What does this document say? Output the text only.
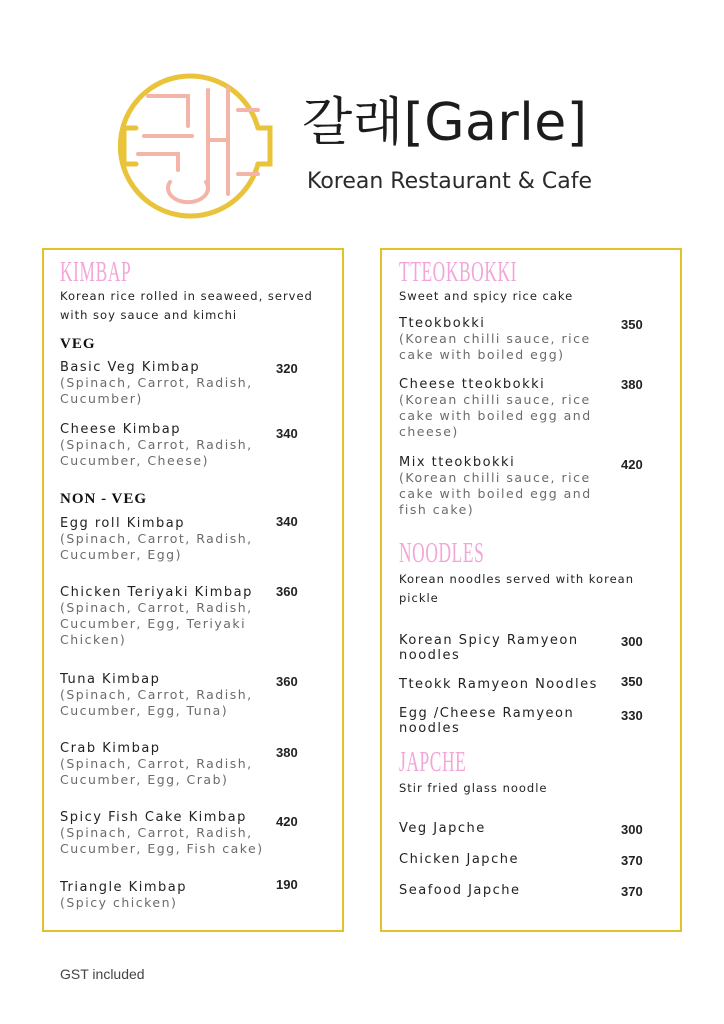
갈래[Garle]
Korean Restaurant & Cafe
KIMBAP
Korean rice rolled in seaweed, served with soy sauce and kimchi
VEG
Basic Veg Kimbap
(Spinach, Carrot, Radish, Cucumber)
320
Cheese Kimbap
(Spinach, Carrot, Radish, Cucumber, Cheese)
340
NON - VEG
Egg roll Kimbap
(Spinach, Carrot, Radish, Cucumber, Egg)
340
Chicken Teriyaki Kimbap
(Spinach, Carrot, Radish, Cucumber, Egg, Teriyaki Chicken)
360
Tuna Kimbap
(Spinach, Carrot, Radish, Cucumber, Egg, Tuna)
360
Crab Kimbap
(Spinach, Carrot, Radish, Cucumber, Egg, Crab)
380
Spicy Fish Cake Kimbap
(Spinach, Carrot, Radish, Cucumber, Egg, Fish cake)
420
Triangle Kimbap
(Spicy chicken)
190
TTEOKBOKKI
Sweet and spicy rice cake
Tteokbokki
(Korean chilli sauce, rice cake with boiled egg)
350
Cheese tteokbokki
(Korean chilli sauce, rice cake with boiled egg and cheese)
380
Mix tteokbokki
(Korean chilli sauce, rice cake with boiled egg and fish cake)
420
NOODLES
Korean noodles served with korean pickle
Korean Spicy Ramyeon noodles
300
Tteokk Ramyeon Noodles	350
Egg /Cheese Ramyeon noodles
330
JAPCHE
Stir fried glass noodle
Veg Japche	300
Chicken Japche	370
Seafood Japche	370
GST included
